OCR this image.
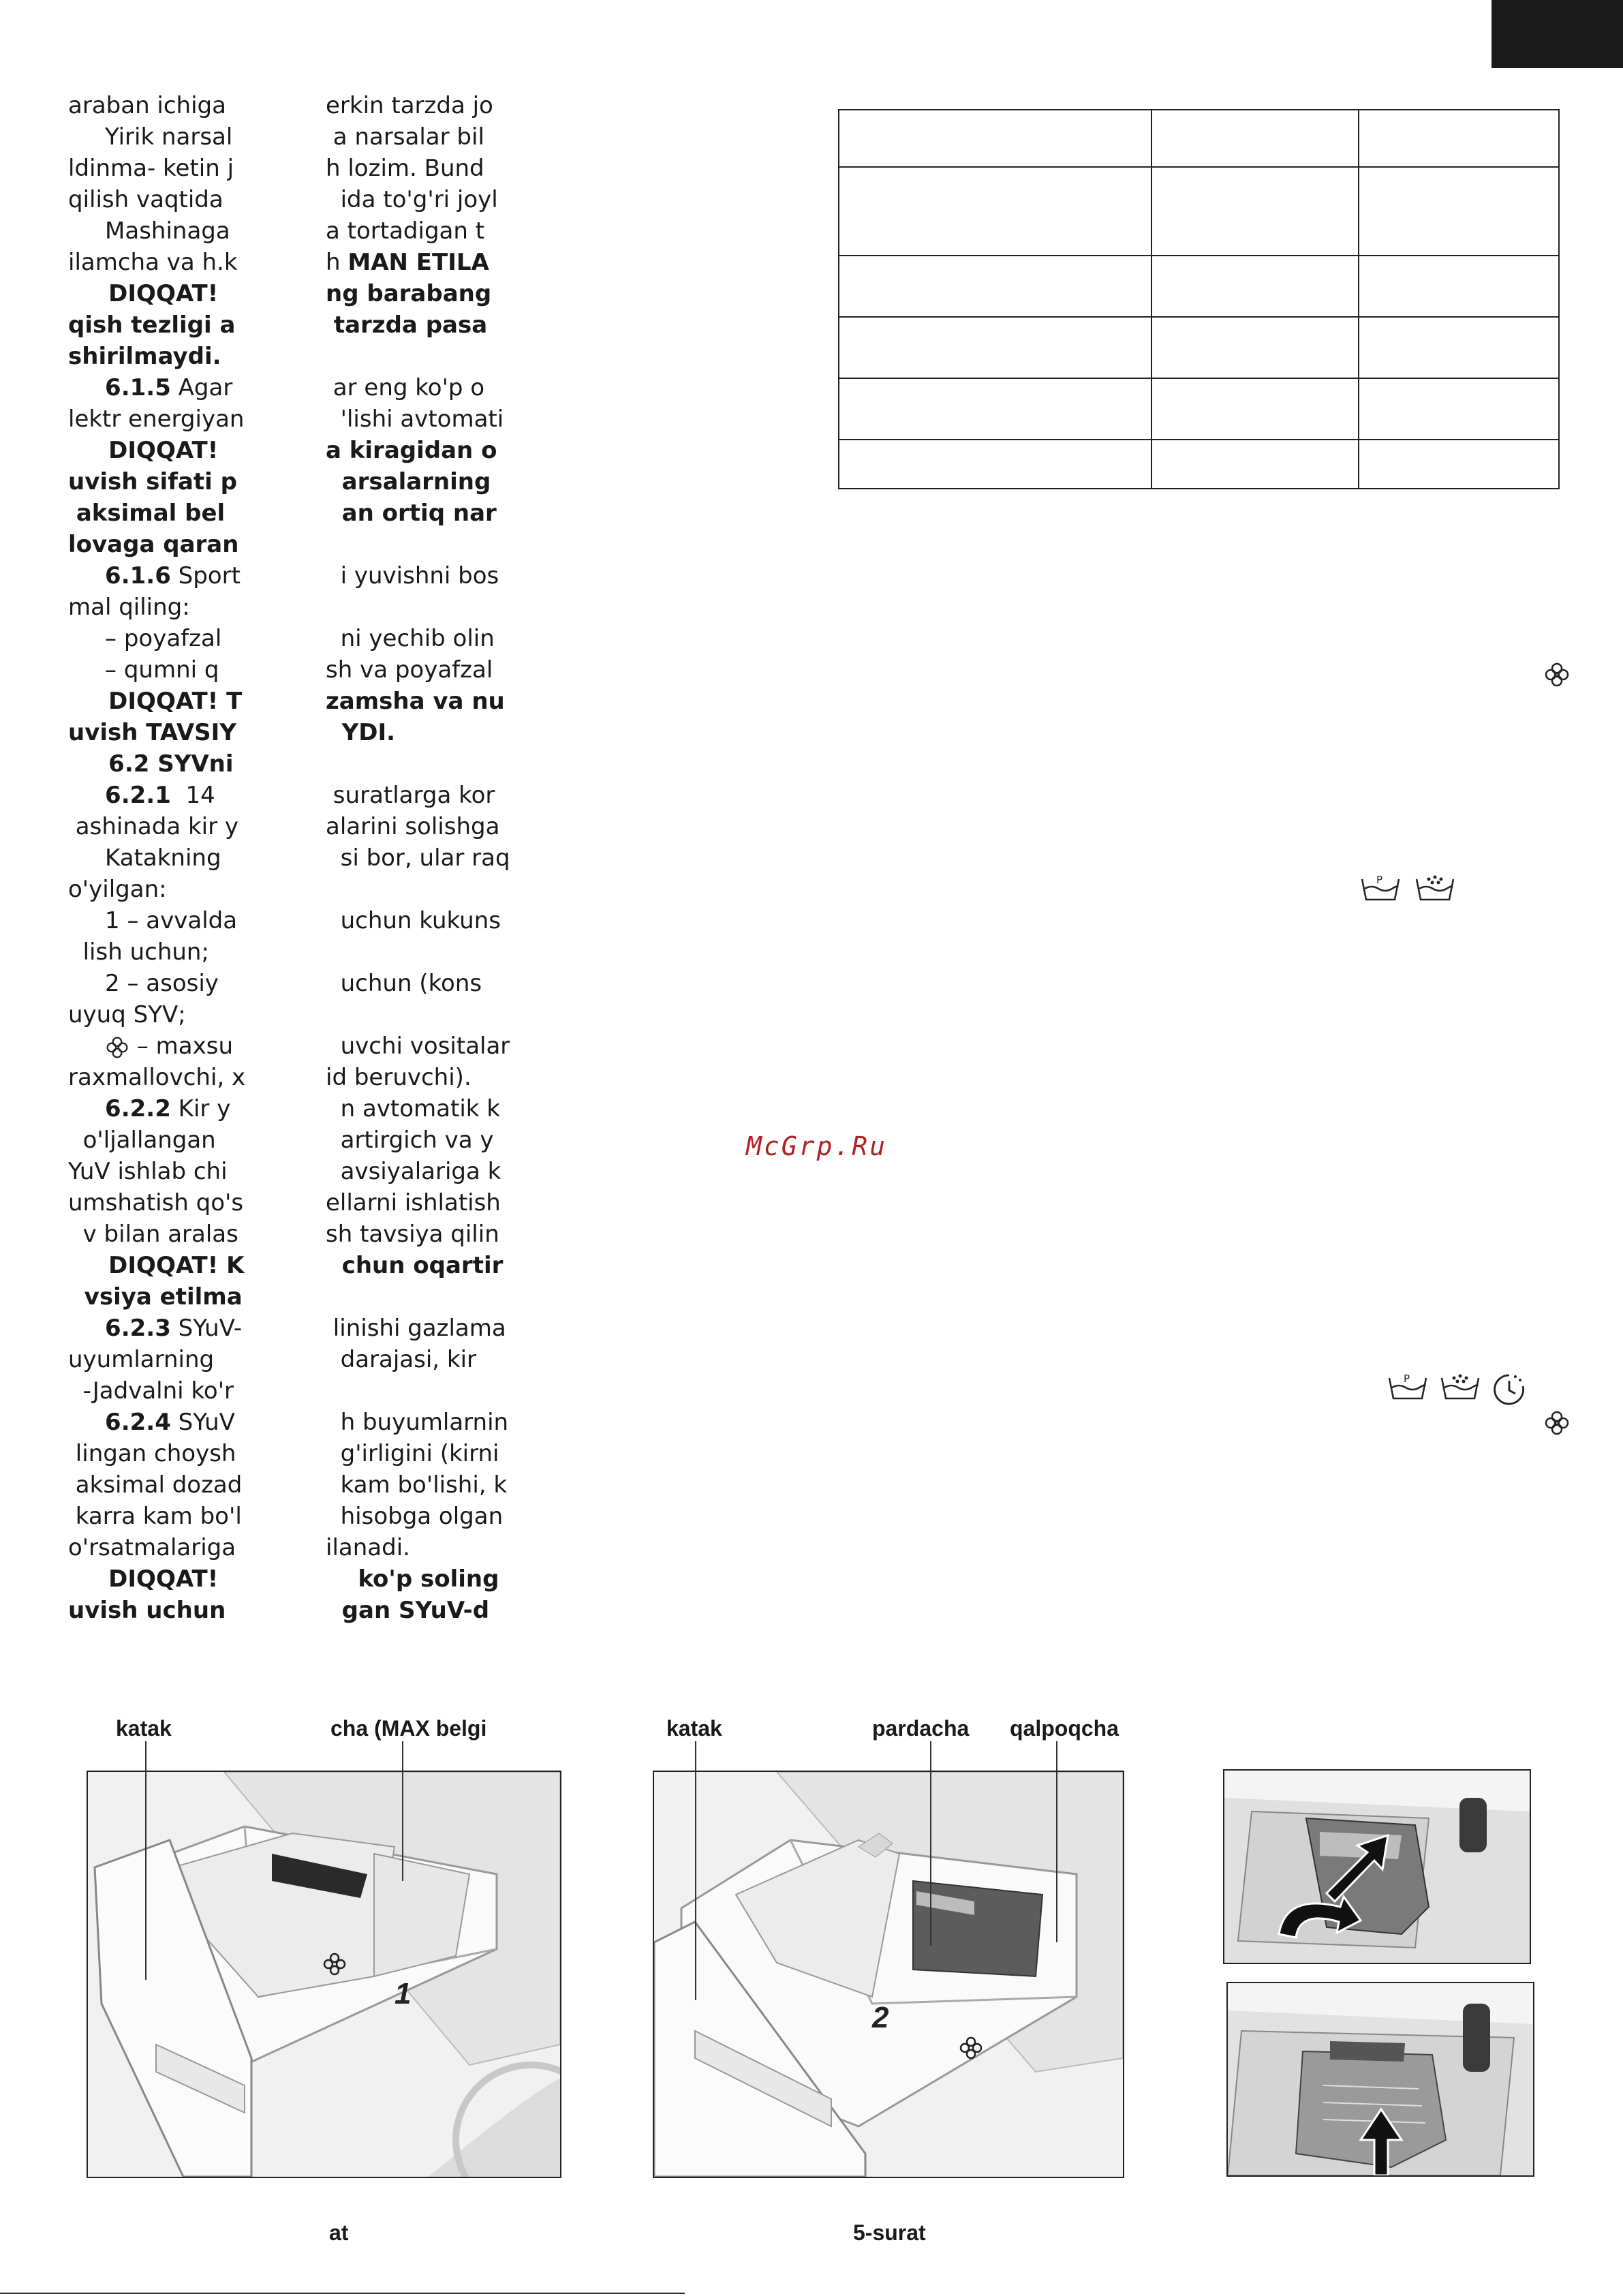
araban ichiga
Yirik narsal
ldinma- ketin j
qilish vaqtida
Mashinaga
ilamcha va h.k
DIQQAT!
qish tezligi a
shirilmaydi.
6.1.5 Agar
lektr energiyan
DIQQAT!
uvish sifati p
aksimal bel
lovaga qaran
6.1.6 Sport
mal qiling:
– poyafzal
– qumni q
DIQQAT! T
uvish TAVSIY
6.2 SYVni
6.2.1  14
ashinada kir y
Katakning
o'yilgan:
1 – avvalda
lish uchun;
2 – asosiy
uyuq SYV;
– maxsu
raxmallovchi, x
6.2.2 Kir y
o'ljallangan
YuV ishlab chi
umshatish qo's
v bilan aralas
DIQQAT! K
vsiya etilma
6.2.3 SYuV-
uyumlarning
-Jadvalni ko'r
6.2.4 SYuV
lingan choysh
aksimal dozad
karra kam bo'l
o'rsatmalariga
DIQQAT!
uvish uchun
erkin tarzda jo
a narsalar bil
h lozim. Bund
ida to'g'ri joyl
a tortadigan t
h MAN ETILA
ng barabang
tarzda pasa
ar eng ko'p o
'lishi avtomati
a kiragidan o
arsalarning
an ortiq nar
i yuvishni bos
ni yechib olin
sh va poyafzal
zamsha va nu
YDI.
suratlarga kor
alarini solishga
si bor, ular raq
uchun kukuns
uchun (kons
uvchi vositalar
id beruvchi).
n avtomatik k
artirgich va y
avsiyalariga k
ellarni ishlatish
sh tavsiya qilin
chun oqartir
linishi gazlama
darajasi, kir
h buyumlarnin
g'irligini (kirni
kam bo'lishi, k
hisobga olgan
ilanadi.
ko'p soling
gan SYuV-d

P
P
McGrp.Ru
katak	cha (MAX belgi	katak	pardacha qalpoqcha
1
2
at	5-surat
